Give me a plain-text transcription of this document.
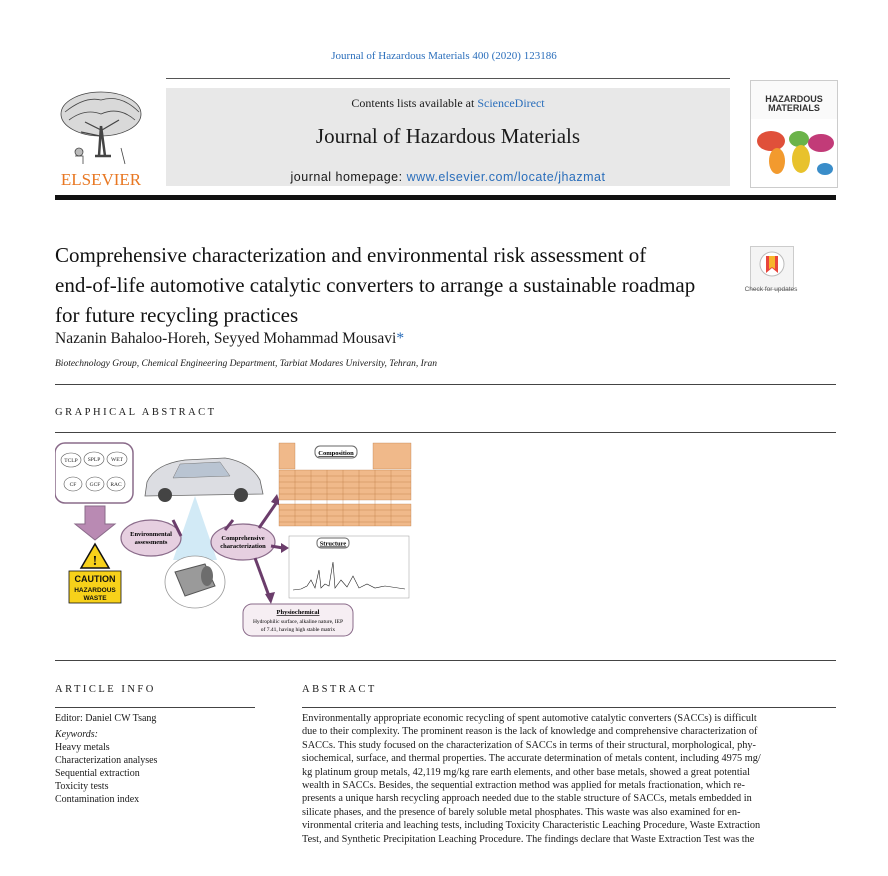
Journal of Hazardous Materials 400 (2020) 123186
ELSEVIER
Contents lists available at ScienceDirect
Journal of Hazardous Materials
journal homepage: www.elsevier.com/locate/jhazmat
HAZARDOUS
MATERIALS
Comprehensive characterization and environmental risk assessment of
end-of-life automotive catalytic converters to arrange a sustainable roadmap
for future recycling practices
Check for updates
Nazanin Bahaloo-Horeh, Seyyed Mohammad Mousavi*
Biotechnology Group, Chemical Engineering Department, Tarbiat Modares University, Tehran, Iran
GRAPHICAL ABSTRACT
TCLP SPLP WET
CF GCF RAC
!
CAUTION
HAZARDOUS
WASTE
Environmental
assessments
Comprehensive
characterization
Composition
Structure
Physiochemical
Hydrophilic surface, alkaline nature, IEP
of 7.41, having high stable matrix
ARTICLE INFO
Editor: Daniel CW Tsang
Keywords:
Heavy metals
Characterization analyses
Sequential extraction
Toxicity tests
Contamination index
ABSTRACT
Environmentally appropriate economic recycling of spent automotive catalytic converters (SACCs) is difficult
due to their complexity. The prominent reason is the lack of knowledge and comprehensive characterization of
SACCs. This study focused on the characterization of SACCs in terms of their structural, morphological, phy-
siochemical, surface, and thermal properties. The accurate determination of metals content, including 4975 mg/
kg platinum group metals, 42,119 mg/kg rare earth elements, and other base metals, showed a great potential
wealth in SACCs. Besides, the sequential extraction method was applied for metals fractionation, which re-
presents a unique harsh recycling approach needed due to the stable structure of SACCs, metals embedded in
silicate phases, and the presence of barely soluble metal phosphates. This waste was also examined for en-
vironmental criteria and leaching tests, including Toxicity Characteristic Leaching Procedure, Waste Extraction
Test, and Synthetic Precipitation Leaching Procedure. The findings declare that Waste Extraction Test was the
